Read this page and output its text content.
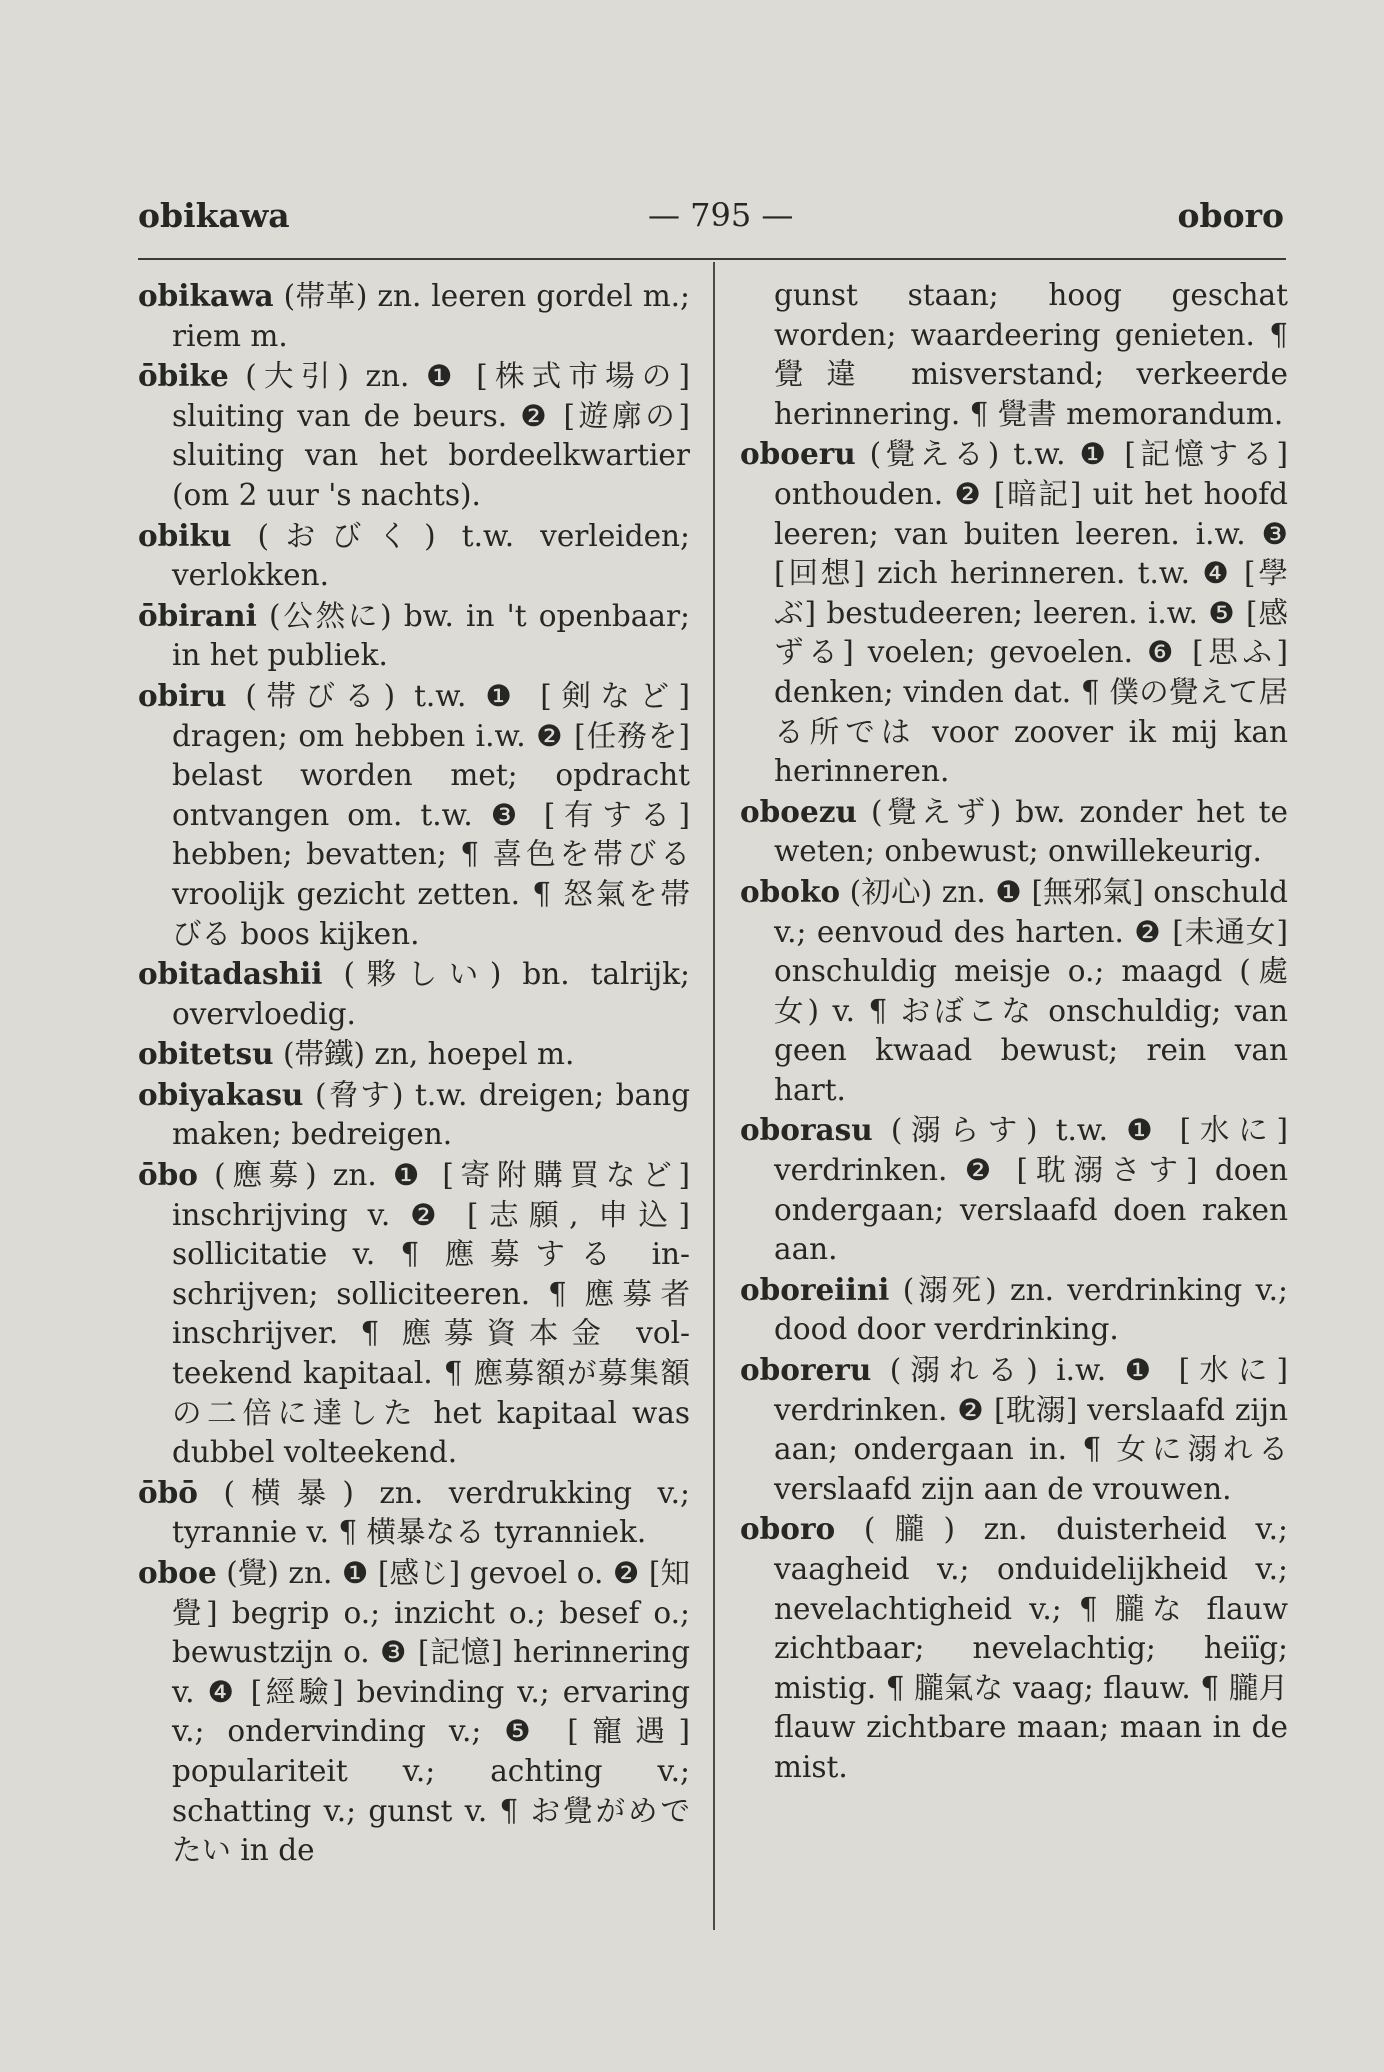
obikawa	— 795 —	oboro
obikawa (帯革) zn. leeren gordel m.; riem m.
ōbike (大引) zn. ❶ [株式市場の] sluiting van de beurs. ❷ [遊廓の] sluiting van het bordeelkwartier (om 2 uur 's nachts).
obiku (おびく) t.w. verleiden; verlokken.
ōbirani (公然に) bw. in 't openbaar; in het publiek.
obiru (帯びる) t.w. ❶ [剣など] dragen; om hebben i.w. ❷ [任務を] belast worden met; opdracht ontvangen om. t.w. ❸ [有する] hebben; bevatten; ¶ 喜色を帯びる vroolijk gezicht zetten. ¶ 怒氣を帯びる boos kijken.
obitadashii (夥しい) bn. talrijk; overvloedig.
obitetsu (帯鐵) zn, hoepel m.
obiyakasu (脅す) t.w. dreigen; bang maken; bedreigen.
ōbo (應募) zn. ❶ [寄附購買など] inschrijving v. ❷ [志願, 申込] sollicitatie v. ¶ 應募する inschrijven; solliciteeren. ¶ 應募者 inschrijver. ¶ 應募資本金 volteekend kapitaal. ¶ 應募額が募集額の二倍に達した het kapitaal was dubbel volteekend.
ōbō (横暴) zn. verdrukking v.; tyrannie v. ¶ 横暴なる tyranniek.
oboe (覺) zn. ❶ [感じ] gevoel o. ❷ [知覺] begrip o.; inzicht o.; besef o.; bewustzijn o. ❸ [記憶] herinnering v. ❹ [經驗] bevinding v.; ervaring v.; ondervinding v.; ❺ [寵遇] populariteit v.; achting v.; schatting v.; gunst v. ¶ お覺がめでたい in de
gunst staan; hoog geschat worden; waardeering genieten. ¶ 覺違 misverstand; verkeerde herinnering. ¶ 覺書 memorandum.
oboeru (覺える) t.w. ❶ [記憶する] onthouden. ❷ [暗記] uit het hoofd leeren; van buiten leeren. i.w. ❸ [回想] zich herinneren. t.w. ❹ [學ぶ] bestudeeren; leeren. i.w. ❺ [感ずる] voelen; gevoelen. ❻ [思ふ] denken; vinden dat. ¶ 僕の覺えて居る所では voor zoover ik mij kan herinneren.
oboezu (覺えず) bw. zonder het te weten; onbewust; onwillekeurig.
oboko (初心) zn. ❶ [無邪氣] onschuld v.; eenvoud des harten. ❷ [未通女] onschuldig meisje o.; maagd (處女) v. ¶ おぼこな onschuldig; van geen kwaad bewust; rein van hart.
oborasu (溺らす) t.w. ❶ [水に] verdrinken. ❷ [耽溺さす] doen ondergaan; verslaafd doen raken aan.
oboreiini (溺死) zn. verdrinking v.; dood door verdrinking.
oboreru (溺れる) i.w. ❶ [水に] verdrinken. ❷ [耽溺] verslaafd zijn aan; ondergaan in. ¶ 女に溺れる verslaafd zijn aan de vrouwen.
oboro (朧) zn. duisterheid v.; vaagheid v.; onduidelijkheid v.; nevelachtigheid v.; ¶ 朧な flauw zichtbaar; nevelachtig; heiïg; mistig. ¶ 朧氣な vaag; flauw. ¶ 朧月 flauw zichtbare maan; maan in de mist.
